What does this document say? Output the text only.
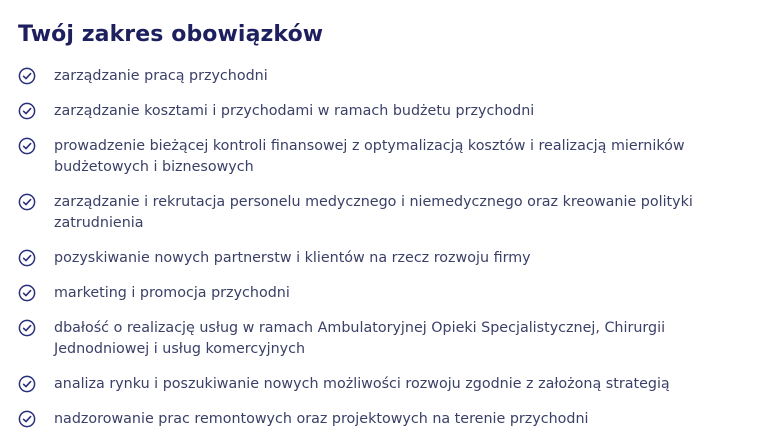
Twój zakres obowiązków
zarządzanie pracą przychodni
zarządzanie kosztami i przychodami w ramach budżetu przychodni
prowadzenie bieżącej kontroli finansowej z optymalizacją kosztów i realizacją mierników budżetowych i biznesowych
zarządzanie i rekrutacja personelu medycznego i niemedycznego oraz kreowanie polityki zatrudnienia
pozyskiwanie nowych partnerstw i klientów na rzecz rozwoju firmy
marketing i promocja przychodni
dbałość o realizację usług w ramach Ambulatoryjnej Opieki Specjalistycznej, Chirurgii Jednodniowej i usług komercyjnych
analiza rynku i poszukiwanie nowych możliwości rozwoju zgodnie z założoną strategią
nadzorowanie prac remontowych oraz projektowych na terenie przychodni
